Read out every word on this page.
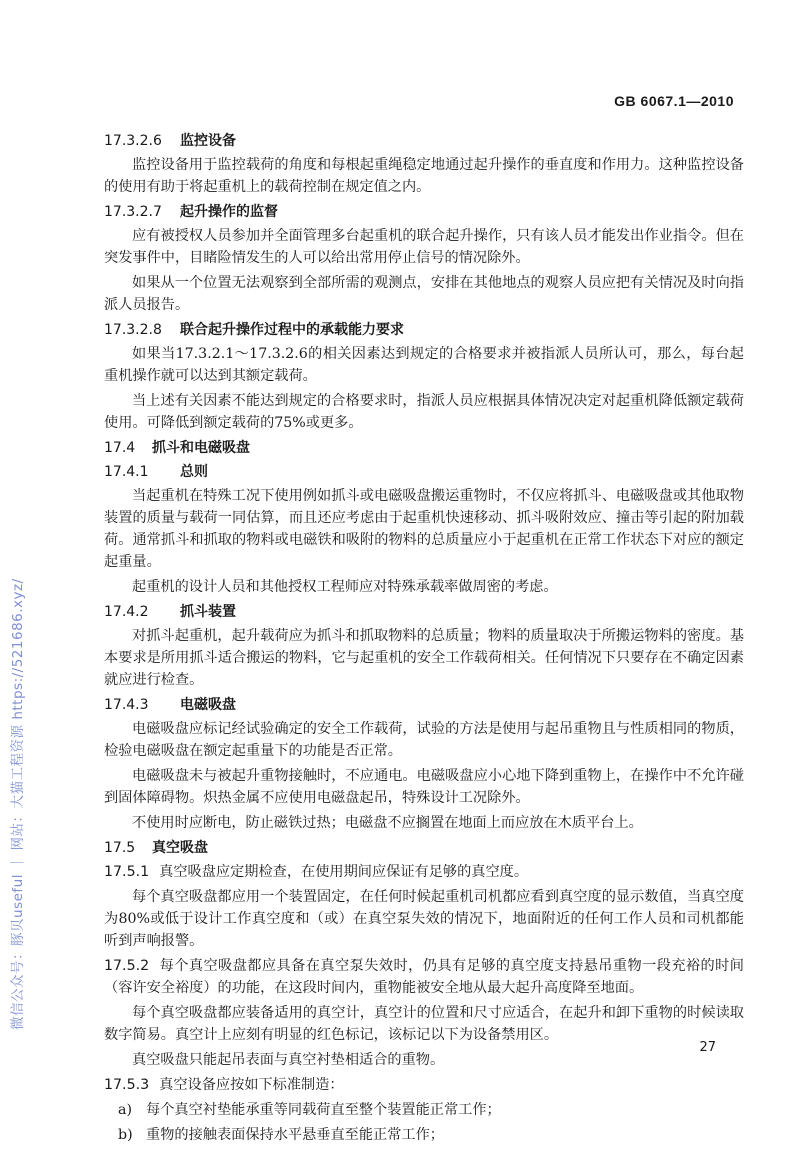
GB 6067.1—2010
微信公众号：豚贝useful ｜ 网站：大猫工程资源 https://521686.xyz/
17.3.2.6 监控设备
监控设备用于监控载荷的角度和每根起重绳稳定地通过起升操作的垂直度和作用力。这种监控设备的使用有助于将起重机上的载荷控制在规定值之内。
17.3.2.7 起升操作的监督
应有被授权人员参加并全面管理多台起重机的联合起升操作，只有该人员才能发出作业指令。但在突发事件中，目睹险情发生的人可以给出常用停止信号的情况除外。
如果从一个位置无法观察到全部所需的观测点，安排在其他地点的观察人员应把有关情况及时向指派人员报告。
17.3.2.8 联合起升操作过程中的承载能力要求
如果当17.3.2.1～17.3.2.6的相关因素达到规定的合格要求并被指派人员所认可，那么，每台起重机操作就可以达到其额定载荷。
当上述有关因素不能达到规定的合格要求时，指派人员应根据具体情况决定对起重机降低额定载荷使用。可降低到额定载荷的75%或更多。
17.4 抓斗和电磁吸盘
17.4.1 总则
当起重机在特殊工况下使用例如抓斗或电磁吸盘搬运重物时，不仅应将抓斗、电磁吸盘或其他取物装置的质量与载荷一同估算，而且还应考虑由于起重机快速移动、抓斗吸附效应、撞击等引起的附加载荷。通常抓斗和抓取的物料或电磁铁和吸附的物料的总质量应小于起重机在正常工作状态下对应的额定起重量。
起重机的设计人员和其他授权工程师应对特殊承载率做周密的考虑。
17.4.2 抓斗装置
对抓斗起重机，起升载荷应为抓斗和抓取物料的总质量；物料的质量取决于所搬运物料的密度。基本要求是所用抓斗适合搬运的物料，它与起重机的安全工作载荷相关。任何情况下只要存在不确定因素就应进行检查。
17.4.3 电磁吸盘
电磁吸盘应标记经试验确定的安全工作载荷，试验的方法是使用与起吊重物且与性质相同的物质，检验电磁吸盘在额定起重量下的功能是否正常。
电磁吸盘未与被起升重物接触时，不应通电。电磁吸盘应小心地下降到重物上，在操作中不允许碰到固体障碍物。炽热金属不应使用电磁盘起吊，特殊设计工况除外。
不使用时应断电，防止磁铁过热；电磁盘不应搁置在地面上而应放在木质平台上。
17.5 真空吸盘
17.5.1 真空吸盘应定期检查，在使用期间应保证有足够的真空度。
每个真空吸盘都应用一个装置固定，在任何时候起重机司机都应看到真空度的显示数值，当真空度为80%或低于设计工作真空度和（或）在真空泵失效的情况下，地面附近的任何工作人员和司机都能听到声响报警。
17.5.2 每个真空吸盘都应具备在真空泵失效时，仍具有足够的真空度支持悬吊重物一段充裕的时间（容许安全裕度）的功能，在这段时间内，重物能被安全地从最大起升高度降至地面。
每个真空吸盘都应装备适用的真空计，真空计的位置和尺寸应适合，在起升和卸下重物的时候读取数字简易。真空计上应刻有明显的红色标记，该标记以下为设备禁用区。
真空吸盘只能起吊表面与真空衬垫相适合的重物。
17.5.3 真空设备应按如下标准制造：
a) 每个真空衬垫能承重等同载荷直至整个装置能正常工作；
b) 重物的接触表面保持水平悬垂直至能正常工作；
27
